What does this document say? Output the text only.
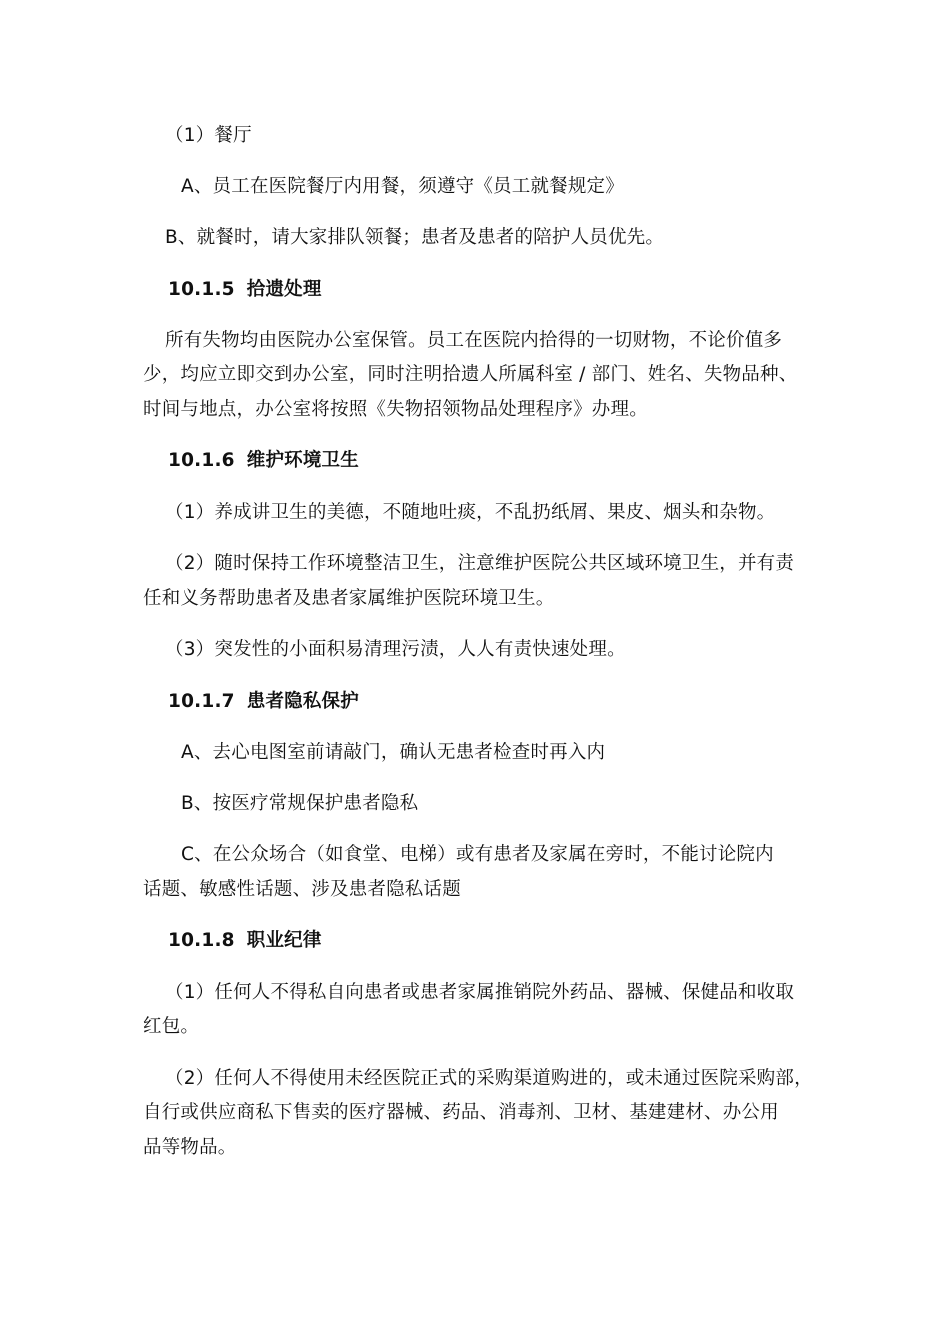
（1）餐厅
A、员工在医院餐厅内用餐，须遵守《员工就餐规定》
B、就餐时，请大家排队领餐；患者及患者的陪护人员优先。
10.1.5 拾遗处理
所有失物均由医院办公室保管。员工在医院内拾得的一切财物，不论价值多
少，均应立即交到办公室，同时注明拾遗人所属科室 / 部门、姓名、失物品种、
时间与地点，办公室将按照《失物招领物品处理程序》办理。
10.1.6 维护环境卫生
（1）养成讲卫生的美德，不随地吐痰，不乱扔纸屑、果皮、烟头和杂物。
（2）随时保持工作环境整洁卫生，注意维护医院公共区域环境卫生，并有责
任和义务帮助患者及患者家属维护医院环境卫生。
（3）突发性的小面积易清理污渍，人人有责快速处理。
10.1.7 患者隐私保护
A、去心电图室前请敲门，确认无患者检查时再入内
B、按医疗常规保护患者隐私
C、在公众场合（如食堂、电梯）或有患者及家属在旁时，不能讨论院内
话题、敏感性话题、涉及患者隐私话题
10.1.8 职业纪律
（1）任何人不得私自向患者或患者家属推销院外药品、器械、保健品和收取
红包。
（2）任何人不得使用未经医院正式的采购渠道购进的，或未通过医院采购部，
自行或供应商私下售卖的医疗器械、药品、消毒剂、卫材、基建建材、办公用
品等物品。
